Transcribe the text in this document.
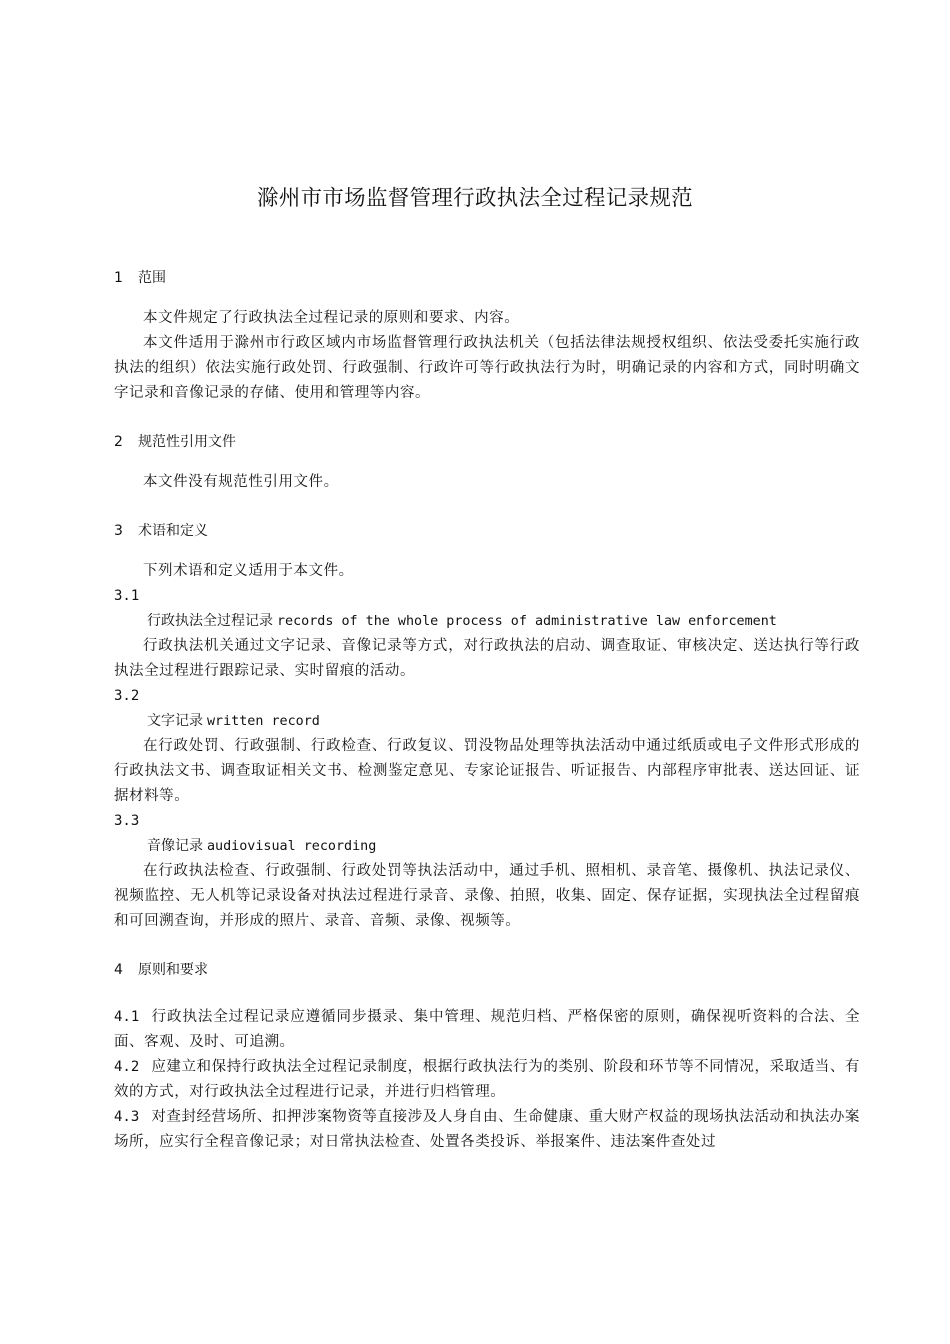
滁州市市场监督管理行政执法全过程记录规范
1 范围

本文件规定了行政执法全过程记录的原则和要求、内容。

本文件适用于滁州市行政区域内市场监督管理行政执法机关（包括法律法规授权组织、依法受委托实施行政执法的组织）依法实施行政处罚、行政强制、行政许可等行政执法行为时，明确记录的内容和方式，同时明确文字记录和音像记录的存储、使用和管理等内容。

2 规范性引用文件

本文件没有规范性引用文件。

3 术语和定义

下列术语和定义适用于本文件。

3.1
行政执法全过程记录 records of the whole process of administrative law enforcement

行政执法机关通过文字记录、音像记录等方式，对行政执法的启动、调查取证、审核决定、送达执行等行政执法全过程进行跟踪记录、实时留痕的活动。

3.2
文字记录 written record

在行政处罚、行政强制、行政检查、行政复议、罚没物品处理等执法活动中通过纸质或电子文件形式形成的行政执法文书、调查取证相关文书、检测鉴定意见、专家论证报告、听证报告、内部程序审批表、送达回证、证据材料等。

3.3
音像记录 audiovisual recording

在行政执法检查、行政强制、行政处罚等执法活动中，通过手机、照相机、录音笔、摄像机、执法记录仪、视频监控、无人机等记录设备对执法过程进行录音、录像、拍照，收集、固定、保存证据，实现执法全过程留痕和可回溯查询，并形成的照片、录音、音频、录像、视频等。

4 原则和要求

4.1 行政执法全过程记录应遵循同步摄录、集中管理、规范归档、严格保密的原则，确保视听资料的合法、全面、客观、及时、可追溯。

4.2 应建立和保持行政执法全过程记录制度，根据行政执法行为的类别、阶段和环节等不同情况，采取适当、有效的方式，对行政执法全过程进行记录，并进行归档管理。

4.3 对查封经营场所、扣押涉案物资等直接涉及人身自由、生命健康、重大财产权益的现场执法活动和执法办案场所，应实行全程音像记录；对日常执法检查、处置各类投诉、举报案件、违法案件查处过
